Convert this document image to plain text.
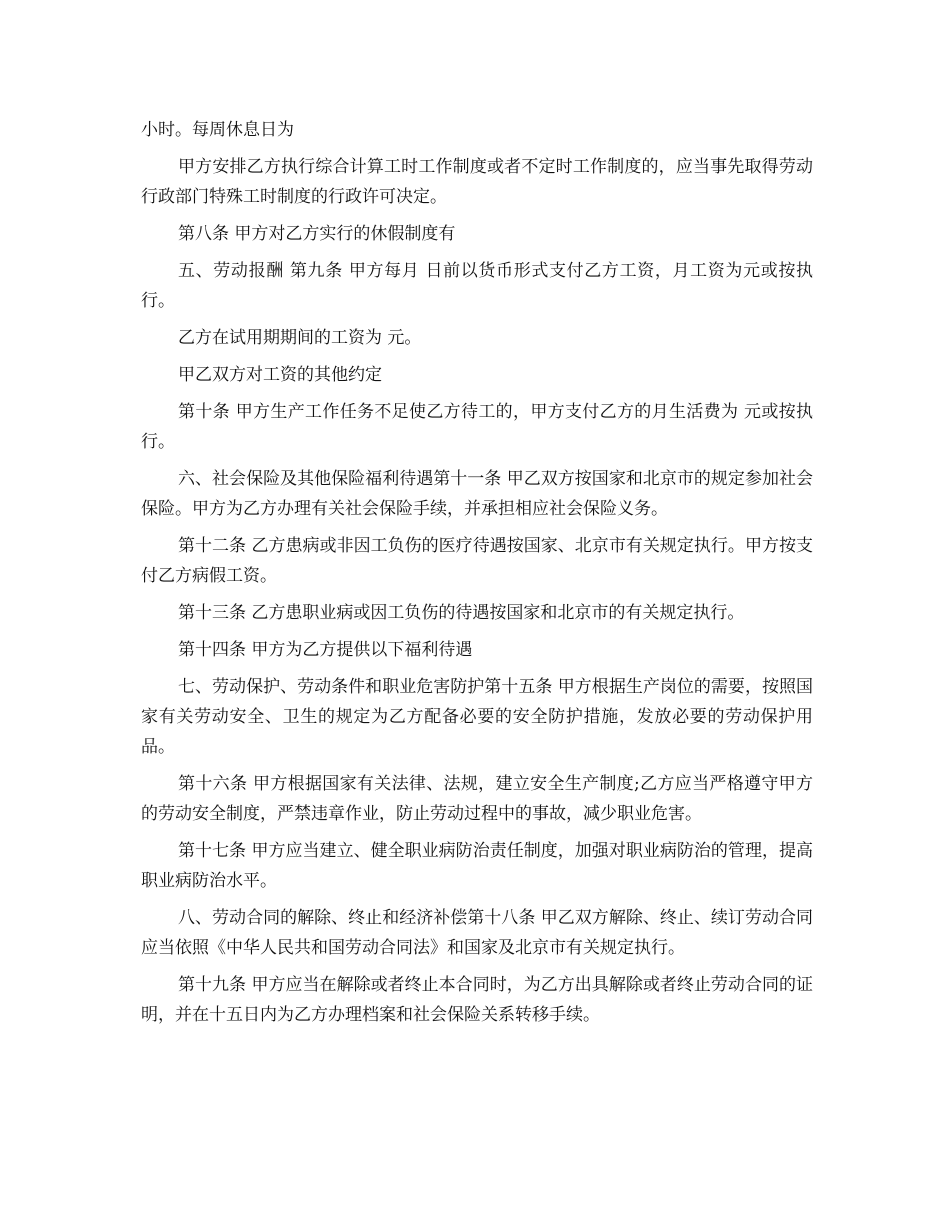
小时。每周休息日为

甲方安排乙方执行综合计算工时工作制度或者不定时工作制度的，应当事先取得劳动行政部门特殊工时制度的行政许可决定。

第八条 甲方对乙方实行的休假制度有

五、劳动报酬 第九条 甲方每月 日前以货币形式支付乙方工资，月工资为元或按执行。

乙方在试用期期间的工资为 元。

甲乙双方对工资的其他约定

第十条 甲方生产工作任务不足使乙方待工的，甲方支付乙方的月生活费为 元或按执行。

六、社会保险及其他保险福利待遇第十一条 甲乙双方按国家和北京市的规定参加社会保险。甲方为乙方办理有关社会保险手续，并承担相应社会保险义务。

第十二条 乙方患病或非因工负伤的医疗待遇按国家、北京市有关规定执行。甲方按支付乙方病假工资。

第十三条 乙方患职业病或因工负伤的待遇按国家和北京市的有关规定执行。

第十四条 甲方为乙方提供以下福利待遇

七、劳动保护、劳动条件和职业危害防护第十五条 甲方根据生产岗位的需要，按照国家有关劳动安全、卫生的规定为乙方配备必要的安全防护措施，发放必要的劳动保护用品。

第十六条 甲方根据国家有关法律、法规，建立安全生产制度;乙方应当严格遵守甲方的劳动安全制度，严禁违章作业，防止劳动过程中的事故，减少职业危害。

第十七条 甲方应当建立、健全职业病防治责任制度，加强对职业病防治的管理，提高职业病防治水平。

八、劳动合同的解除、终止和经济补偿第十八条 甲乙双方解除、终止、续订劳动合同应当依照《中华人民共和国劳动合同法》和国家及北京市有关规定执行。

第十九条 甲方应当在解除或者终止本合同时，为乙方出具解除或者终止劳动合同的证明，并在十五日内为乙方办理档案和社会保险关系转移手续。
